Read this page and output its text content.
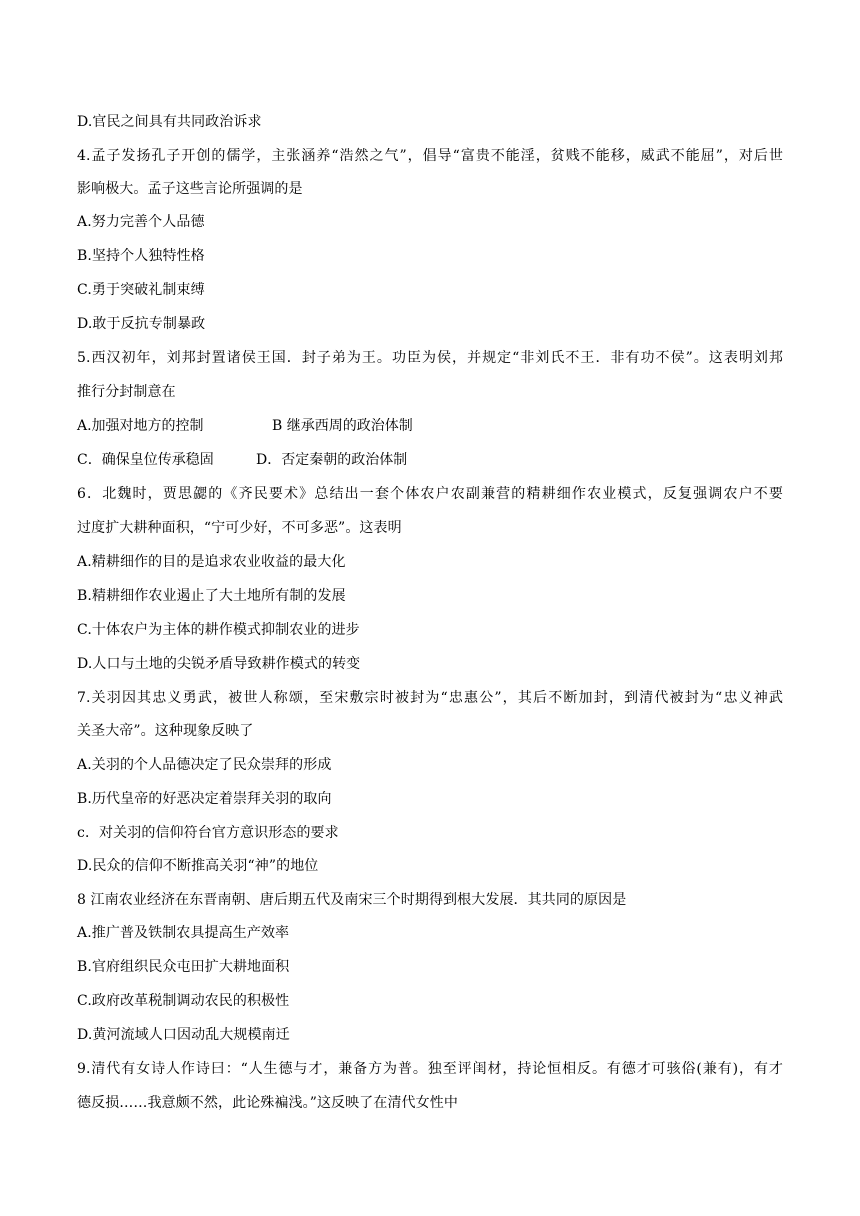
D.官民之间具有共同政治诉求
4.孟子发扬孔子开创的儒学，主张涵养“浩然之气”，倡导“富贵不能淫，贫贱不能移，威武不能屈”，对后世
影响极大。孟子这些言论所强调的是
A.努力完善个人品德
B.坚持个人独特性格
C.勇于突破礼制束缚
D.敢于反抗专制暴政
5.西汉初年，刘邦封置诸侯王国．封子弟为王。功臣为侯，并规定“非刘氏不王．非有功不侯”。这表明刘邦
推行分封制意在
A.加强对地方的控制	B 继承西周的政治体制
C．确保皇位传承稳固	D．否定秦朝的政治体制
6．北魏时，贾思勰的《齐民要术》总结出一套个体农户农副兼营的精耕细作农业模式，反复强调农户不要
过度扩大耕种面积，“宁可少好，不可多恶”。这表明
A.精耕细作的目的是追求农业收益的最大化
B.精耕细作农业遏止了大土地所有制的发展
C.十体农户为主体的耕作模式抑制农业的进步
D.人口与土地的尖锐矛盾导致耕作模式的转变
7.关羽因其忠义勇武，被世人称颂，至宋敷宗时被封为“忠惠公”，其后不断加封，到清代被封为“忠义神武
关圣大帝”。这种现象反映了
A.关羽的个人品德决定了民众崇拜的形成
B.历代皇帝的好恶决定着崇拜关羽的取向
c．对关羽的信仰符台官方意识形态的要求
D.民众的信仰不断推高关羽“神”的地位
8 江南农业经济在东晋南朝、唐后期五代及南宋三个时期得到根大发展．其共同的原因是
A.推广普及铁制农具提高生产效率
B.官府组织民众屯田扩大耕地面积
C.政府改革税制调动农民的积极性
D.黄河流域人口因动乱大规模南迁
9.清代有女诗人作诗曰：“人生德与才，兼备方为普。独至评闺材，持论恒相反。有德才可骇俗(兼有)，有才
德反损……我意颇不然，此论殊褊浅。”这反映了在清代女性中
